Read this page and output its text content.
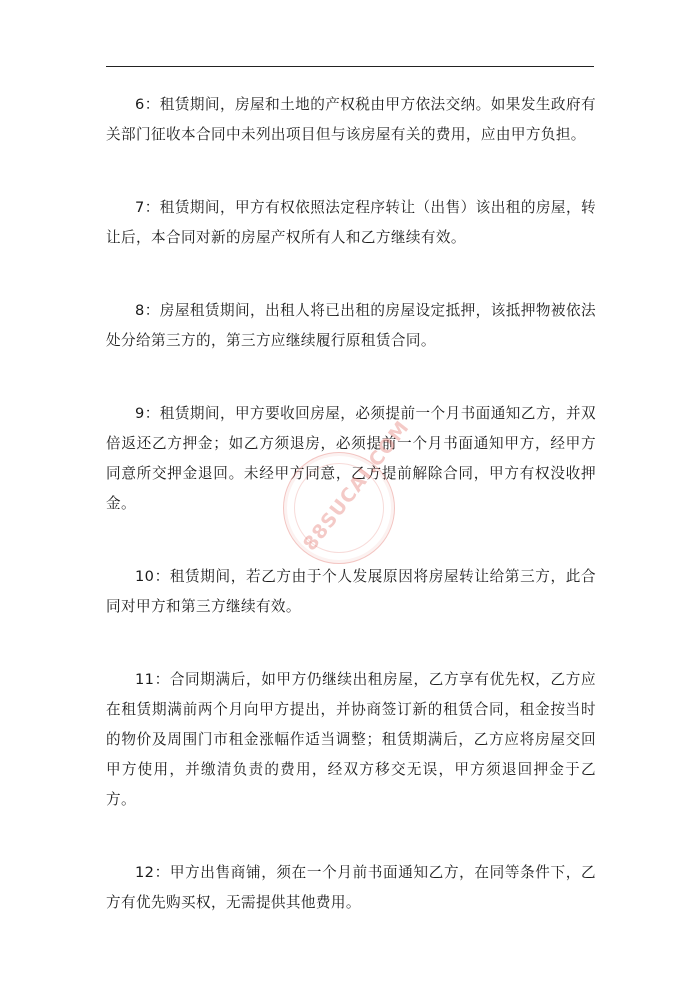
6：租赁期间，房屋和土地的产权税由甲方依法交纳。如果发生政府有关部门征收本合同中未列出项目但与该房屋有关的费用，应由甲方负担。

7：租赁期间，甲方有权依照法定程序转让（出售）该出租的房屋，转让后，本合同对新的房屋产权所有人和乙方继续有效。

8：房屋租赁期间，出租人将已出租的房屋设定抵押，该抵押物被依法处分给第三方的，第三方应继续履行原租赁合同。

9：租赁期间，甲方要收回房屋，必须提前一个月书面通知乙方，并双倍返还乙方押金；如乙方须退房，必须提前一个月书面通知甲方，经甲方同意所交押金退回。未经甲方同意，乙方提前解除合同，甲方有权没收押金。

10：租赁期间，若乙方由于个人发展原因将房屋转让给第三方，此合同对甲方和第三方继续有效。

11：合同期满后，如甲方仍继续出租房屋，乙方享有优先权，乙方应在租赁期满前两个月向甲方提出，并协商签订新的租赁合同，租金按当时的物价及周围门市租金涨幅作适当调整；租赁期满后，乙方应将房屋交回甲方使用，并缴清负责的费用，经双方移交无误，甲方须退回押金于乙方。

12：甲方出售商铺，须在一个月前书面通知乙方，在同等条件下，乙方有优先购买权，无需提供其他费用。

88SUCAI.COM
